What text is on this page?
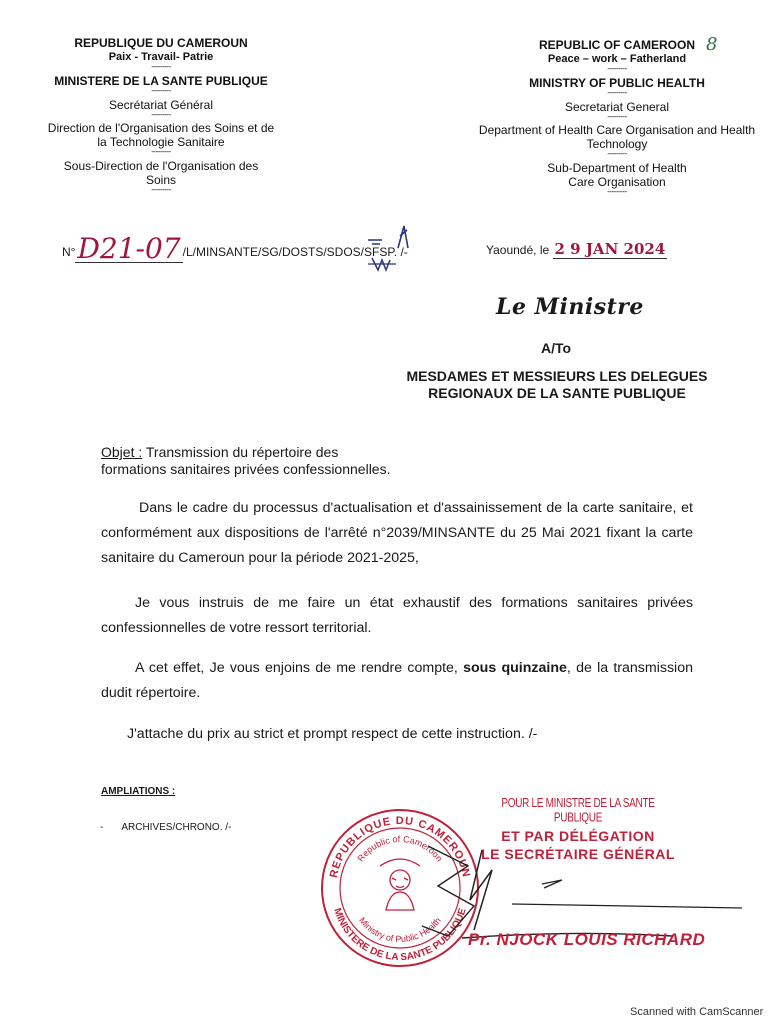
REPUBLIQUE DU CAMEROUN
Paix - Travail- Patrie
---------
MINISTERE DE LA SANTE PUBLIQUE
---------
Secrétariat Général
---------
Direction de l'Organisation des Soins et de la Technologie Sanitaire
---------
Sous-Direction de l'Organisation des Soins
---------
REPUBLIC OF CAMEROON
Peace – work – Fatherland
---------
MINISTRY OF PUBLIC HEALTH
---------
Secretariat General
---------
Department of Health Care Organisation and Health Technology
---------
Sub-Department of Health Care Organisation
---------
8
N°D21-07 /L/MINSANTE/SG/DOSTS/SDOS/SFSP. /-	Yaoundé, le 2 9 JAN 2024
Le Ministre
A/To
MESDAMES ET MESSIEURS LES DELEGUES
REGIONAUX DE LA SANTE PUBLIQUE
Objet : Transmission du répertoire des
formations sanitaires privées confessionnelles.
Dans le cadre du processus d'actualisation et d'assainissement de la carte sanitaire, et conformément aux dispositions de l'arrêté n°2039/MINSANTE du 25 Mai 2021 fixant la carte sanitaire du Cameroun pour la période 2021-2025,
Je vous instruis de me faire un état exhaustif des formations sanitaires privées confessionnelles de votre ressort territorial.
A cet effet, Je vous enjoins de me rendre compte, sous quinzaine, de la transmission dudit répertoire.
J'attache du prix au strict et prompt respect de cette instruction. /-
AMPLIATIONS :
- ARCHIVES/CHRONO. /-
REPUBLIQUE DU CAMEROUN
MINISTERE DE LA SANTE PUBLIQUE
Republic of Cameroon
Ministry of Public Health
POUR LE MINISTRE DE LA SANTE PUBLIQUE
ET PAR DÉLÉGATION
LE SECRÉTAIRE GÉNÉRAL
Pr. NJOCK LOUIS RICHARD
Scanned with CamScanner
